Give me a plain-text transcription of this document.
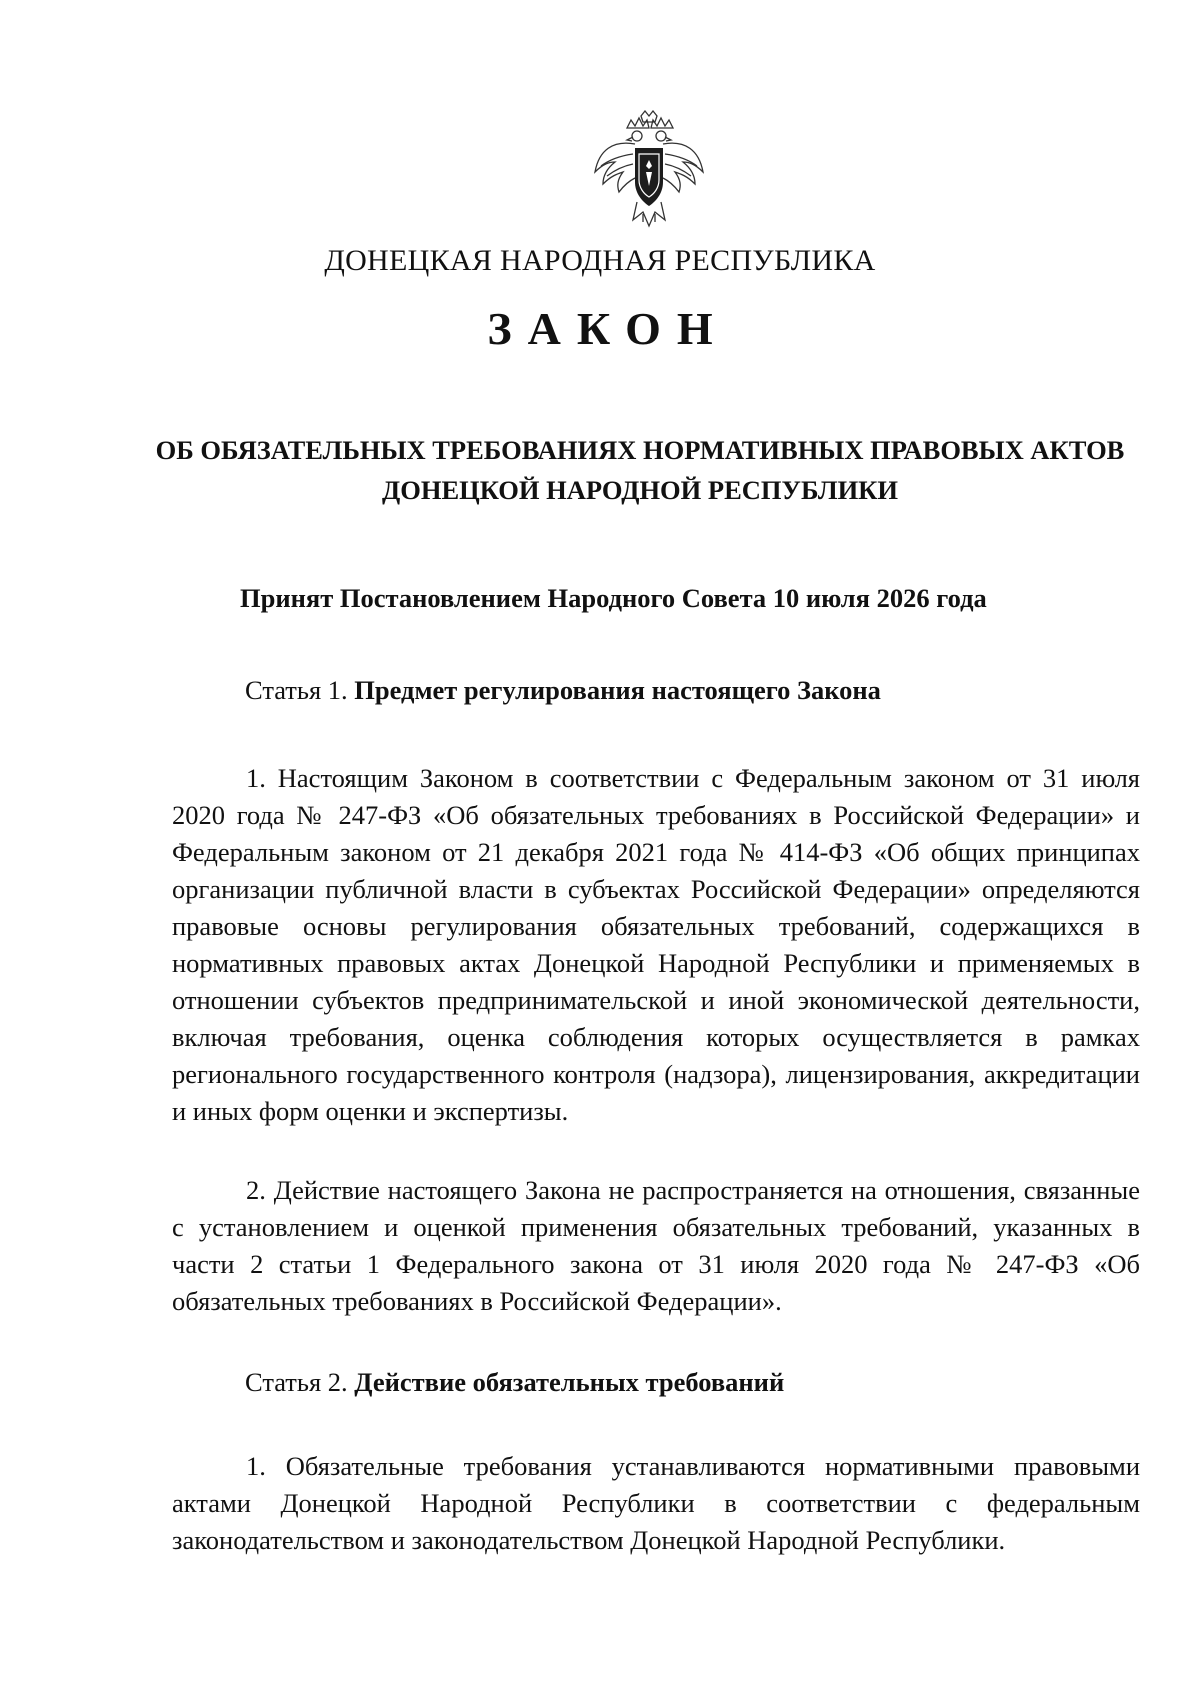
ДОНЕЦКАЯ НАРОДНАЯ РЕСПУБЛИКА
ЗАКОН
ОБ ОБЯЗАТЕЛЬНЫХ ТРЕБОВАНИЯХ НОРМАТИВНЫХ ПРАВОВЫХ АКТОВ ДОНЕЦКОЙ НАРОДНОЙ РЕСПУБЛИКИ
Принят Постановлением Народного Совета 10 июля 2026 года
Статья 1. Предмет регулирования настоящего Закона
1. Настоящим Законом в соответствии с Федеральным законом от 31 июля 2020 года № 247-ФЗ «Об обязательных требованиях в Российской Федерации» и Федеральным законом от 21 декабря 2021 года № 414-ФЗ «Об общих принципах организации публичной власти в субъектах Российской Федерации» определяются правовые основы регулирования обязательных требований, содержащихся в нормативных правовых актах Донецкой Народной Республики и применяемых в отношении субъектов предпринимательской и иной экономической деятельности, включая требования, оценка соблюдения которых осуществляется в рамках регионального государственного контроля (надзора), лицензирования, аккредитации и иных форм оценки и экспертизы.
2. Действие настоящего Закона не распространяется на отношения, связанные с установлением и оценкой применения обязательных требований, указанных в части 2 статьи 1 Федерального закона от 31 июля 2020 года № 247-ФЗ «Об обязательных требованиях в Российской Федерации».
Статья 2. Действие обязательных требований
1. Обязательные требования устанавливаются нормативными правовыми актами Донецкой Народной Республики в соответствии с федеральным законодательством и законодательством Донецкой Народной Республики.
